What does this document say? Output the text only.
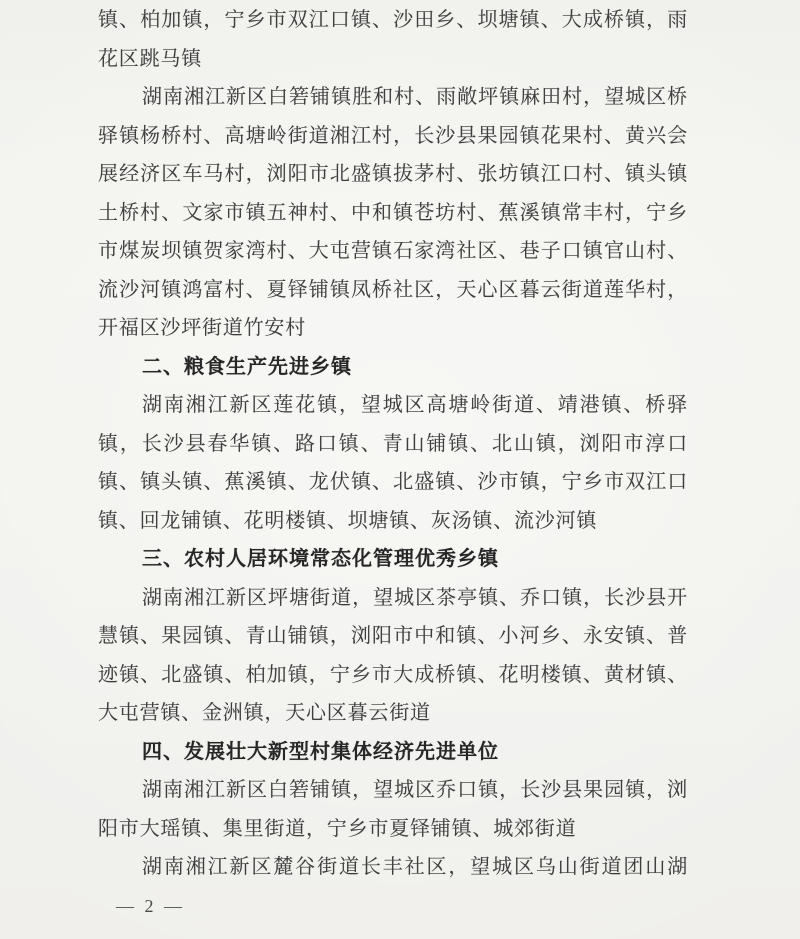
镇、柏加镇，宁乡市双江口镇、沙田乡、坝塘镇、大成桥镇，雨
花区跳马镇
湖南湘江新区白箬铺镇胜和村、雨敞坪镇麻田村，望城区桥
驿镇杨桥村、高塘岭街道湘江村，长沙县果园镇花果村、黄兴会
展经济区车马村，浏阳市北盛镇拔茅村、张坊镇江口村、镇头镇
土桥村、文家市镇五神村、中和镇苍坊村、蕉溪镇常丰村，宁乡
市煤炭坝镇贺家湾村、大屯营镇石家湾社区、巷子口镇官山村、
流沙河镇鸿富村、夏铎铺镇凤桥社区，天心区暮云街道莲华村，
开福区沙坪街道竹安村
二、粮食生产先进乡镇
湖南湘江新区莲花镇，望城区高塘岭街道、靖港镇、桥驿
镇，长沙县春华镇、路口镇、青山铺镇、北山镇，浏阳市淳口
镇、镇头镇、蕉溪镇、龙伏镇、北盛镇、沙市镇，宁乡市双江口
镇、回龙铺镇、花明楼镇、坝塘镇、灰汤镇、流沙河镇
三、农村人居环境常态化管理优秀乡镇
湖南湘江新区坪塘街道，望城区茶亭镇、乔口镇，长沙县开
慧镇、果园镇、青山铺镇，浏阳市中和镇、小河乡、永安镇、普
迹镇、北盛镇、柏加镇，宁乡市大成桥镇、花明楼镇、黄材镇、
大屯营镇、金洲镇，天心区暮云街道
四、发展壮大新型村集体经济先进单位
湖南湘江新区白箬铺镇，望城区乔口镇，长沙县果园镇，浏
阳市大瑶镇、集里街道，宁乡市夏铎铺镇、城郊街道
湖南湘江新区麓谷街道长丰社区，望城区乌山街道团山湖
— 2 —
